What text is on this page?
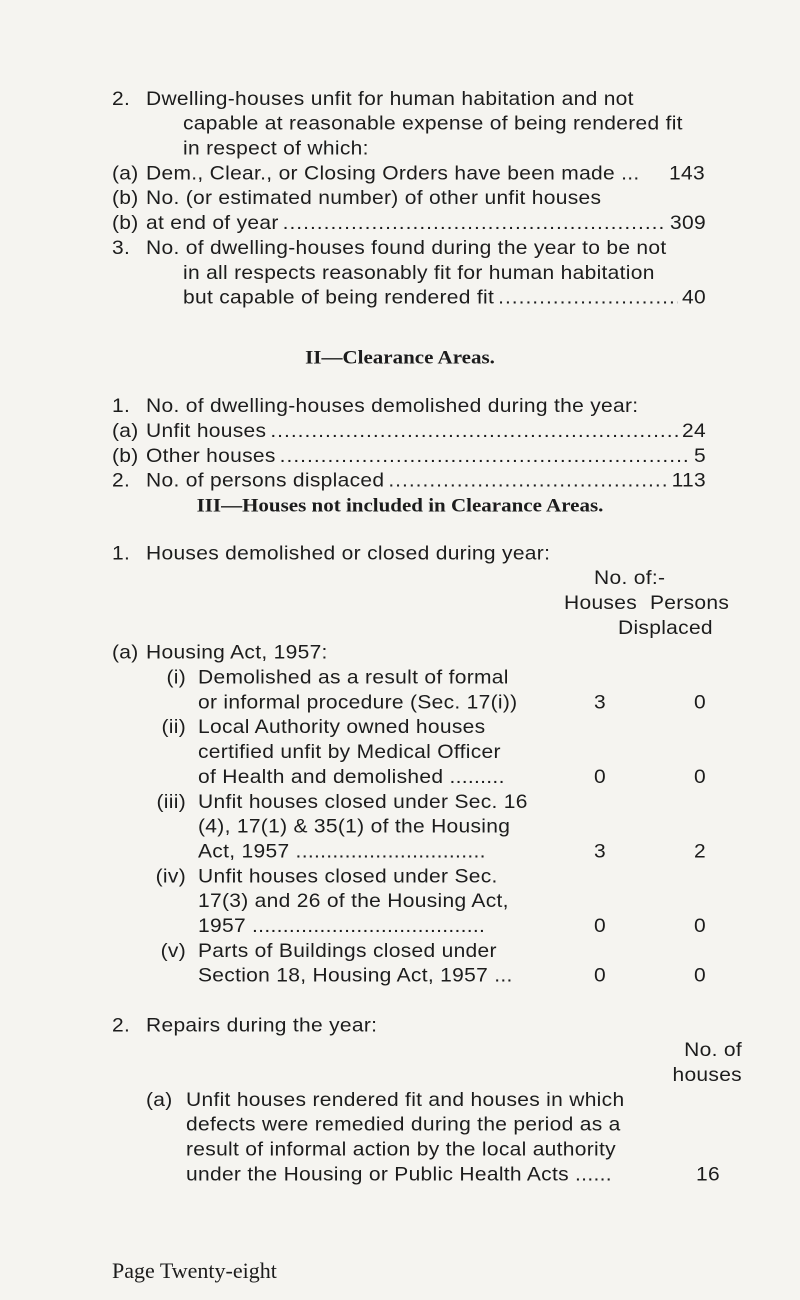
2. Dwelling-houses unfit for human habitation and not
capable at reasonable expense of being rendered fit
in respect of which:
(a) Dem., Clear., or Closing Orders have been made ...	143
(b) No. (or estimated number) of other unfit houses
(b) at end of year .....	309
3. No. of dwelling-houses found during the year to be not
in all respects reasonably fit for human habitation
but capable of being rendered fit .....	40
II—Clearance Areas.
1. No. of dwelling-houses demolished during the year:
(a) Unfit houses .....	24
(b) Other houses .....	5
2. No. of persons displaced .....	113
III—Houses not included in Clearance Areas.
1. Houses demolished or closed during year:
No. of:-
Houses Persons
Displaced
(a) Housing Act, 1957:
(i) Demolished as a result of formal
or informal procedure (Sec. 17(i))	3	0
(ii) Local Authority owned houses
certified unfit by Medical Officer
of Health and demolished .........	0	0
(iii) Unfit houses closed under Sec. 16
(4), 17(1) & 35(1) of the Housing
Act, 1957 ...............................	3	2
(iv) Unfit houses closed under Sec.
17(3) and 26 of the Housing Act,
1957 ......................................	0	0
(v) Parts of Buildings closed under
Section 18, Housing Act, 1957 ...	0	0
2. Repairs during the year:
No. of
houses
(a) Unfit houses rendered fit and houses in which
defects were remedied during the period as a
result of informal action by the local authority
under the Housing or Public Health Acts ......	16
Page Twenty-eight
